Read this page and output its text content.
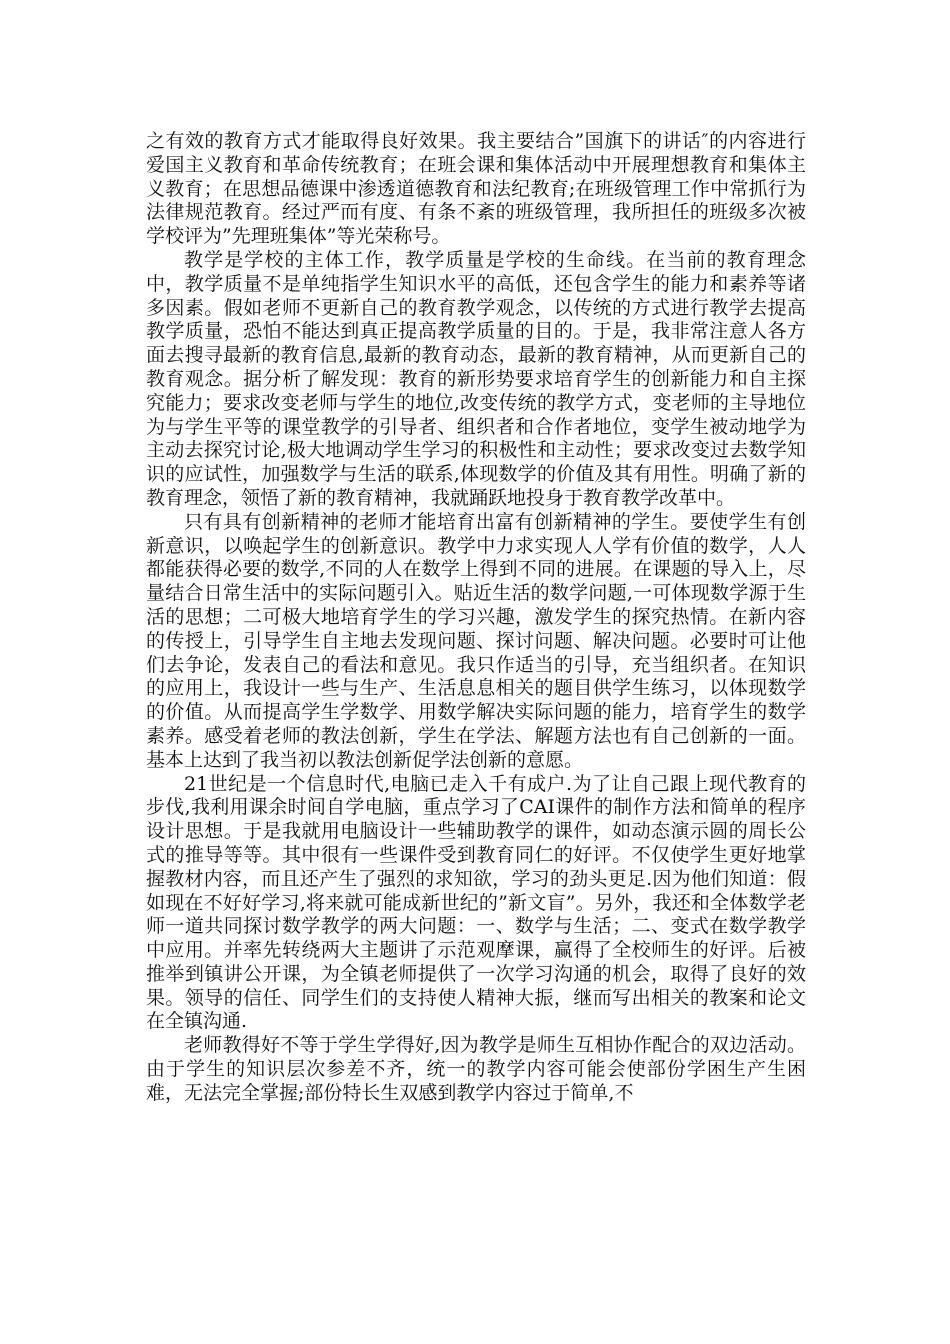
之有效的教育方式才能取得良好效果。我主要结合”国旗下的讲话″的内容进行爱国主义教育和革命传统教育；在班会课和集体活动中开展理想教育和集体主义教育；在思想品德课中渗透道德教育和法纪教育;在班级管理工作中常抓行为法律规范教育。经过严而有度、有条不紊的班级管理，我所担任的班级多次被学校评为”先理班集体”等光荣称号。

教学是学校的主体工作，教学质量是学校的生命线。在当前的教育理念中，教学质量不是单纯指学生知识水平的高低，还包含学生的能力和素养等诸多因素。假如老师不更新自己的教育教学观念，以传统的方式进行教学去提高教学质量，恐怕不能达到真正提高教学质量的目的。于是，我非常注意人各方面去搜寻最新的教育信息,最新的教育动态，最新的教育精神，从而更新自己的教育观念。据分析了解发现：教育的新形势要求培育学生的创新能力和自主探究能力；要求改变老师与学生的地位,改变传统的教学方式，变老师的主导地位为与学生平等的课堂教学的引导者、组织者和合作者地位，变学生被动地学为主动去探究讨论,极大地调动学生学习的积极性和主动性；要求改变过去数学知识的应试性，加强数学与生活的联系,体现数学的价值及其有用性。明确了新的教育理念，领悟了新的教育精神，我就踊跃地投身于教育教学改革中。

只有具有创新精神的老师才能培育出富有创新精神的学生。要使学生有创新意识，以唤起学生的创新意识。教学中力求实现人人学有价值的数学，人人都能获得必要的数学,不同的人在数学上得到不同的进展。在课题的导入上，尽量结合日常生活中的实际问题引入。贴近生活的数学问题,一可体现数学源于生活的思想；二可极大地培育学生的学习兴趣，激发学生的探究热情。在新内容的传授上，引导学生自主地去发现问题、探讨问题、解决问题。必要时可让他们去争论，发表自己的看法和意见。我只作适当的引导，充当组织者。在知识的应用上，我设计一些与生产、生活息息相关的题目供学生练习，以体现数学的价值。从而提高学生学数学、用数学解决实际问题的能力，培育学生的数学素养。感受着老师的教法创新，学生在学法、解题方法也有自己创新的一面。基本上达到了我当初以教法创新促学法创新的意愿。

21世纪是一个信息时代,电脑已走入千有成户.为了让自己跟上现代教育的步伐,我利用课余时间自学电脑，重点学习了CAI课件的制作方法和简单的程序设计思想。于是我就用电脑设计一些辅助教学的课件，如动态演示圆的周长公式的推导等等。其中很有一些课件受到教育同仁的好评。不仅使学生更好地掌握教材内容，而且还产生了强烈的求知欲，学习的劲头更足.因为他们知道：假如现在不好好学习,将来就可能成新世纪的”新文盲”。另外，我还和全体数学老师一道共同探讨数学教学的两大问题：一、数学与生活；二、变式在数学教学中应用。并率先转绕两大主题讲了示范观摩课，赢得了全校师生的好评。后被推举到镇讲公开课，为全镇老师提供了一次学习沟通的机会，取得了良好的效果。领导的信任、同学生们的支持使人精神大振，继而写出相关的教案和论文在全镇沟通.

老师教得好不等于学生学得好,因为教学是师生互相协作配合的双边活动。由于学生的知识层次参差不齐，统一的教学内容可能会使部份学困生产生困难，无法完全掌握;部份特长生双感到教学内容过于简单,不
